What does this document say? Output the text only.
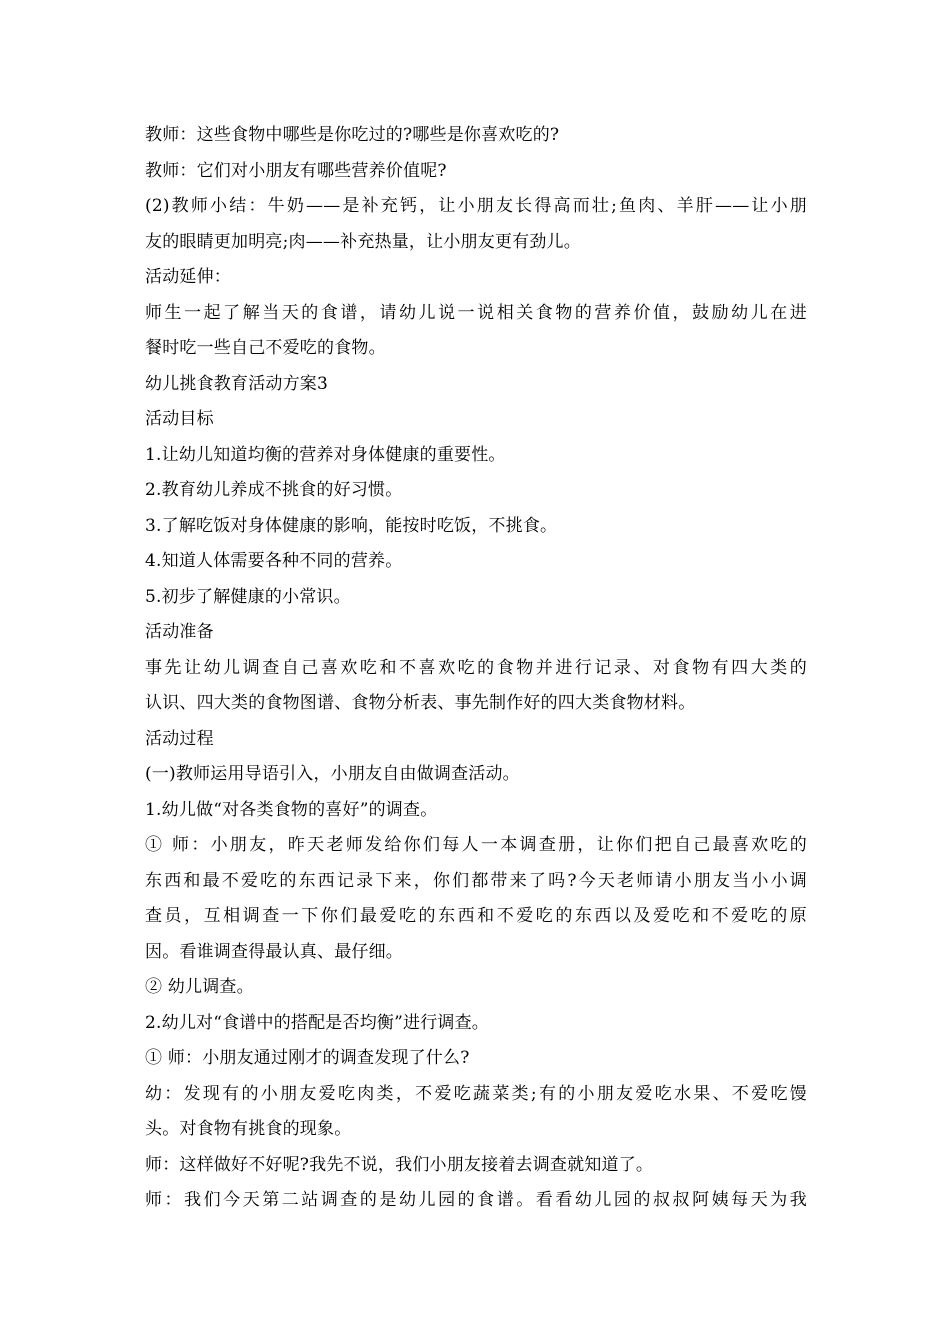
教师：这些食物中哪些是你吃过的?哪些是你喜欢吃的?
教师：它们对小朋友有哪些营养价值呢?
(2)教师小结：牛奶——是补充钙，让小朋友长得高而壮;鱼肉、羊肝——让小朋
友的眼睛更加明亮;肉——补充热量，让小朋友更有劲儿。
活动延伸：
师生一起了解当天的食谱，请幼儿说一说相关食物的营养价值，鼓励幼儿在进
餐时吃一些自己不爱吃的食物。
幼儿挑食教育活动方案3
活动目标
1.让幼儿知道均衡的营养对身体健康的重要性。
2.教育幼儿养成不挑食的好习惯。
3.了解吃饭对身体健康的影响，能按时吃饭，不挑食。
4.知道人体需要各种不同的营养。
5.初步了解健康的小常识。
活动准备
事先让幼儿调查自己喜欢吃和不喜欢吃的食物并进行记录、对食物有四大类的
认识、四大类的食物图谱、食物分析表、事先制作好的四大类食物材料。
活动过程
(一)教师运用导语引入，小朋友自由做调查活动。
1.幼儿做“对各类食物的喜好”的调查。
① 师：小朋友，昨天老师发给你们每人一本调查册，让你们把自己最喜欢吃的
东西和最不爱吃的东西记录下来，你们都带来了吗?今天老师请小朋友当小小调
查员，互相调查一下你们最爱吃的东西和不爱吃的东西以及爱吃和不爱吃的原
因。看谁调查得最认真、最仔细。
② 幼儿调查。
2.幼儿对“食谱中的搭配是否均衡”进行调查。
① 师：小朋友通过刚才的调查发现了什么?
幼：发现有的小朋友爱吃肉类，不爱吃蔬菜类;有的小朋友爱吃水果、不爱吃馒
头。对食物有挑食的现象。
师：这样做好不好呢?我先不说，我们小朋友接着去调查就知道了。
师：我们今天第二站调查的是幼儿园的食谱。看看幼儿园的叔叔阿姨每天为我
